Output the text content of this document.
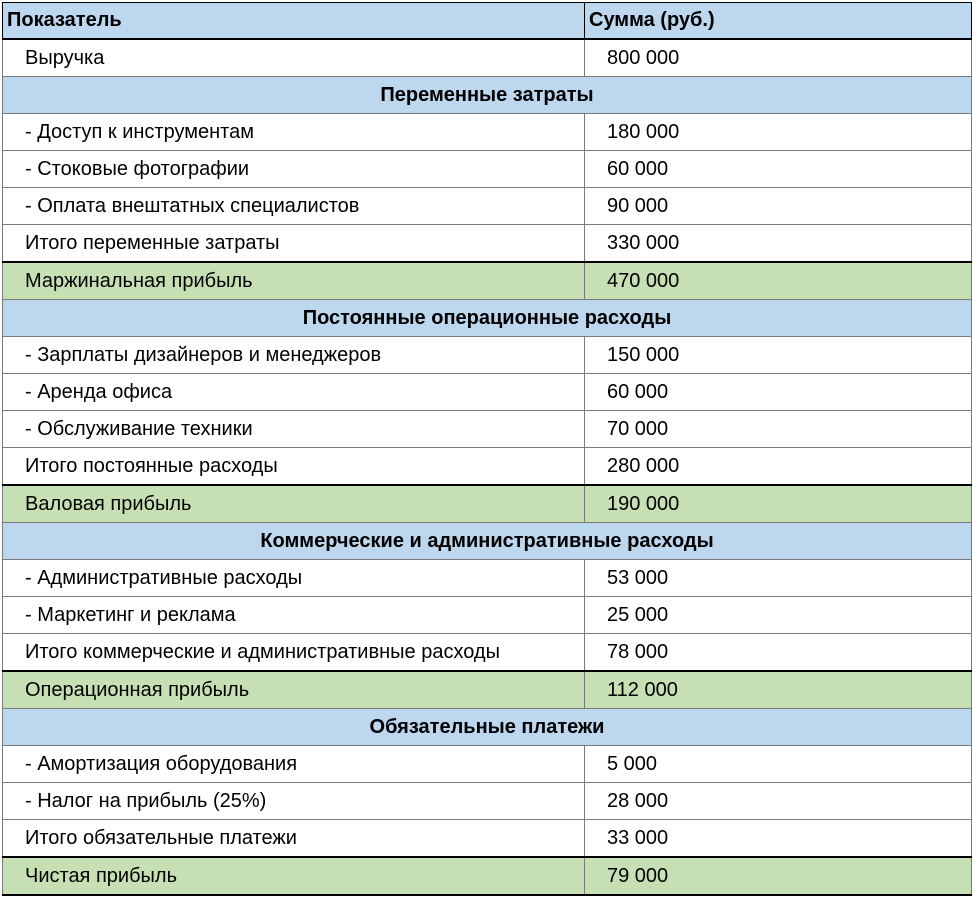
Показатель	Сумма (руб.)
Выручка	800 000
Переменные затраты	
- Доступ к инструментам	180 000
- Стоковые фотографии	60 000
- Оплата внештатных специалистов	90 000
Итого переменные затраты	330 000
Маржинальная прибыль	470 000
Постоянные операционные расходы	
- Зарплаты дизайнеров и менеджеров	150 000
- Аренда офиса	60 000
- Обслуживание техники	70 000
Итого постоянные расходы	280 000
Валовая прибыль	190 000
Коммерческие и административные расходы	
- Административные расходы	53 000
- Маркетинг и реклама	25 000
Итого коммерческие и административные расходы	78 000
Операционная прибыль	112 000
Обязательные платежи	
- Амортизация оборудования	5 000
- Налог на прибыль (25%)	28 000
Итого обязательные платежи	33 000
Чистая прибыль	79 000
